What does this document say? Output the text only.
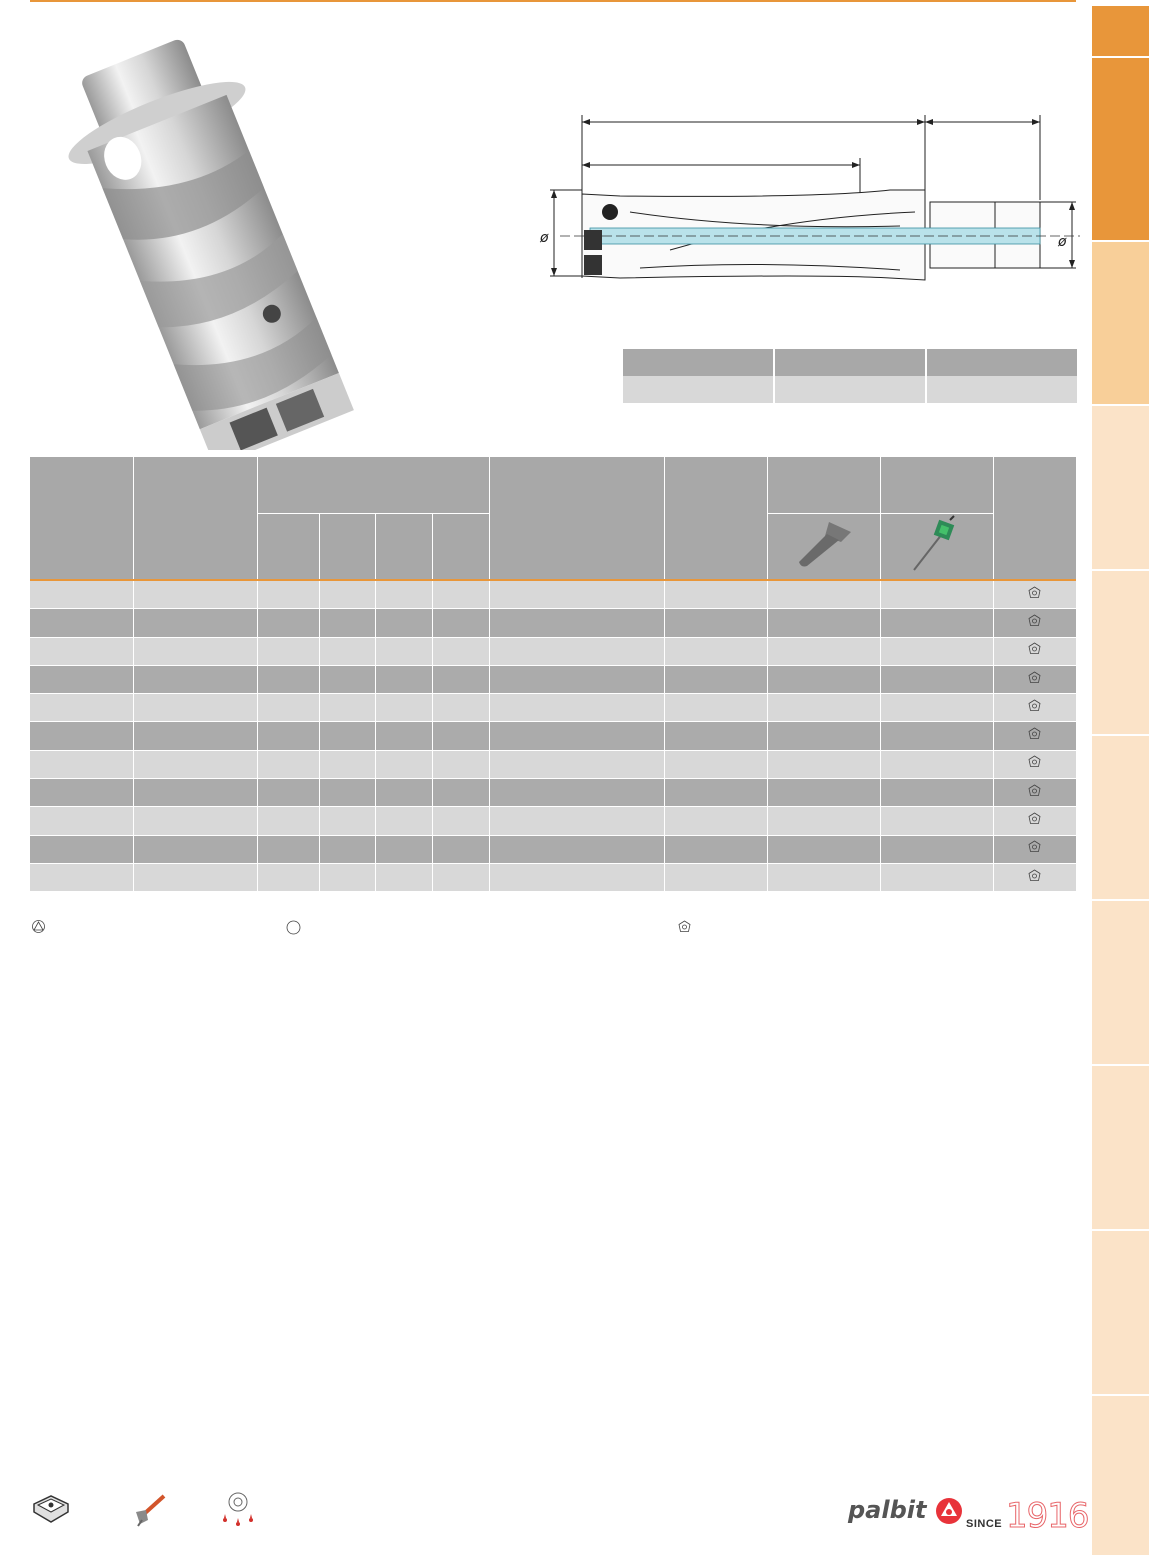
ø	ø

palbit	SINCE 1916
